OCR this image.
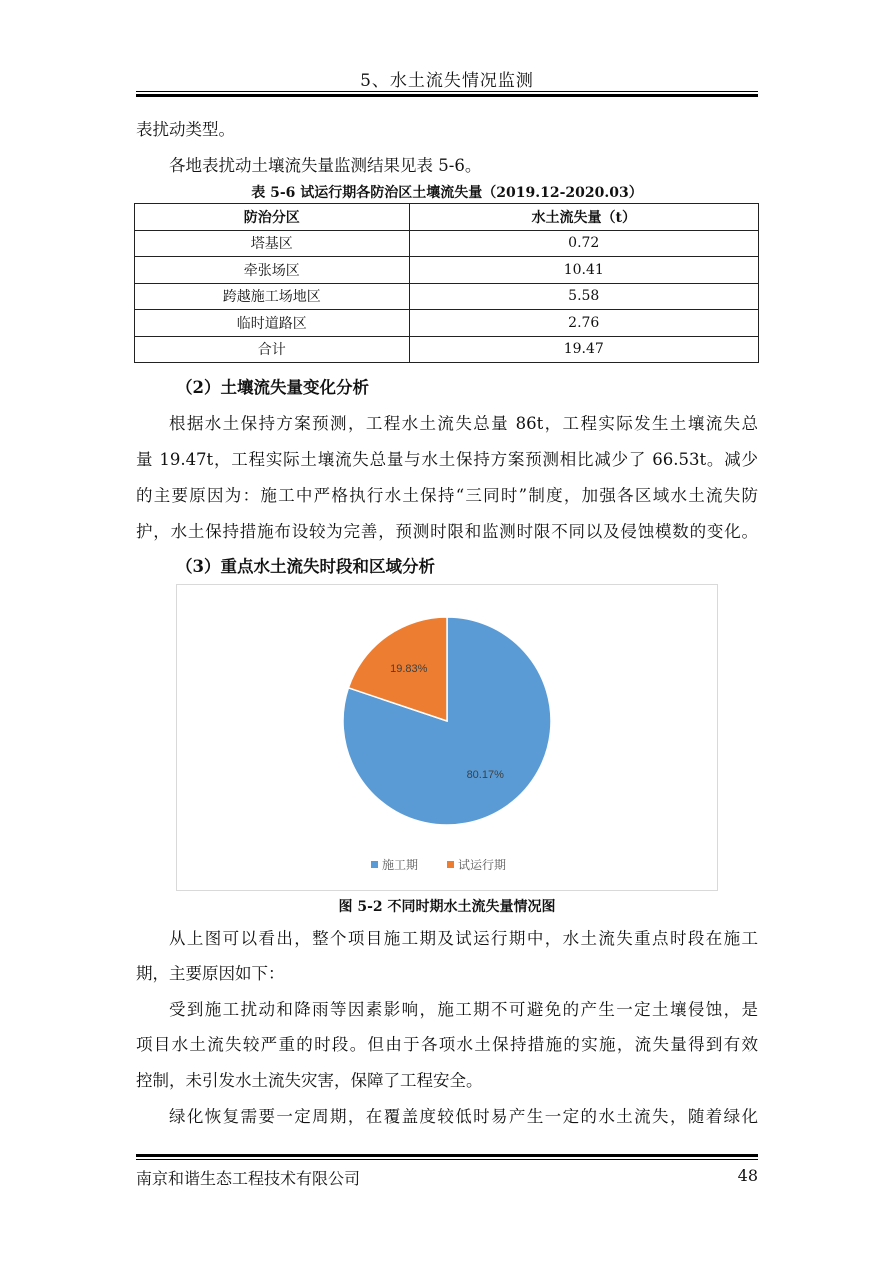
5、水土流失情况监测
表扰动类型。
各地表扰动土壤流失量监测结果见表 5-6。
表 5-6 试运行期各防治区土壤流失量（2019.12-2020.03）
防治分区	水土流失量（t）
塔基区	0.72
牵张场区	10.41
跨越施工场地区	5.58
临时道路区	2.76
合计	19.47
（2）土壤流失量变化分析
根据水土保持方案预测，工程水土流失总量 86t，工程实际发生土壤流失总
量 19.47t，工程实际土壤流失总量与水土保持方案预测相比减少了 66.53t。减少
的主要原因为：施工中严格执行水土保持“三同时”制度，加强各区域水土流失防
护，水土保持措施布设较为完善，预测时限和监测时限不同以及侵蚀模数的变化。
（3）重点水土流失时段和区域分析
80.17%
19.83%
施工期	试运行期
图 5-2 不同时期水土流失量情况图
从上图可以看出，整个项目施工期及试运行期中，水土流失重点时段在施工
期，主要原因如下：
受到施工扰动和降雨等因素影响，施工期不可避免的产生一定土壤侵蚀，是
项目水土流失较严重的时段。但由于各项水土保持措施的实施，流失量得到有效
控制，未引发水土流失灾害，保障了工程安全。
绿化恢复需要一定周期，在覆盖度较低时易产生一定的水土流失，随着绿化
南京和谐生态工程技术有限公司	48
